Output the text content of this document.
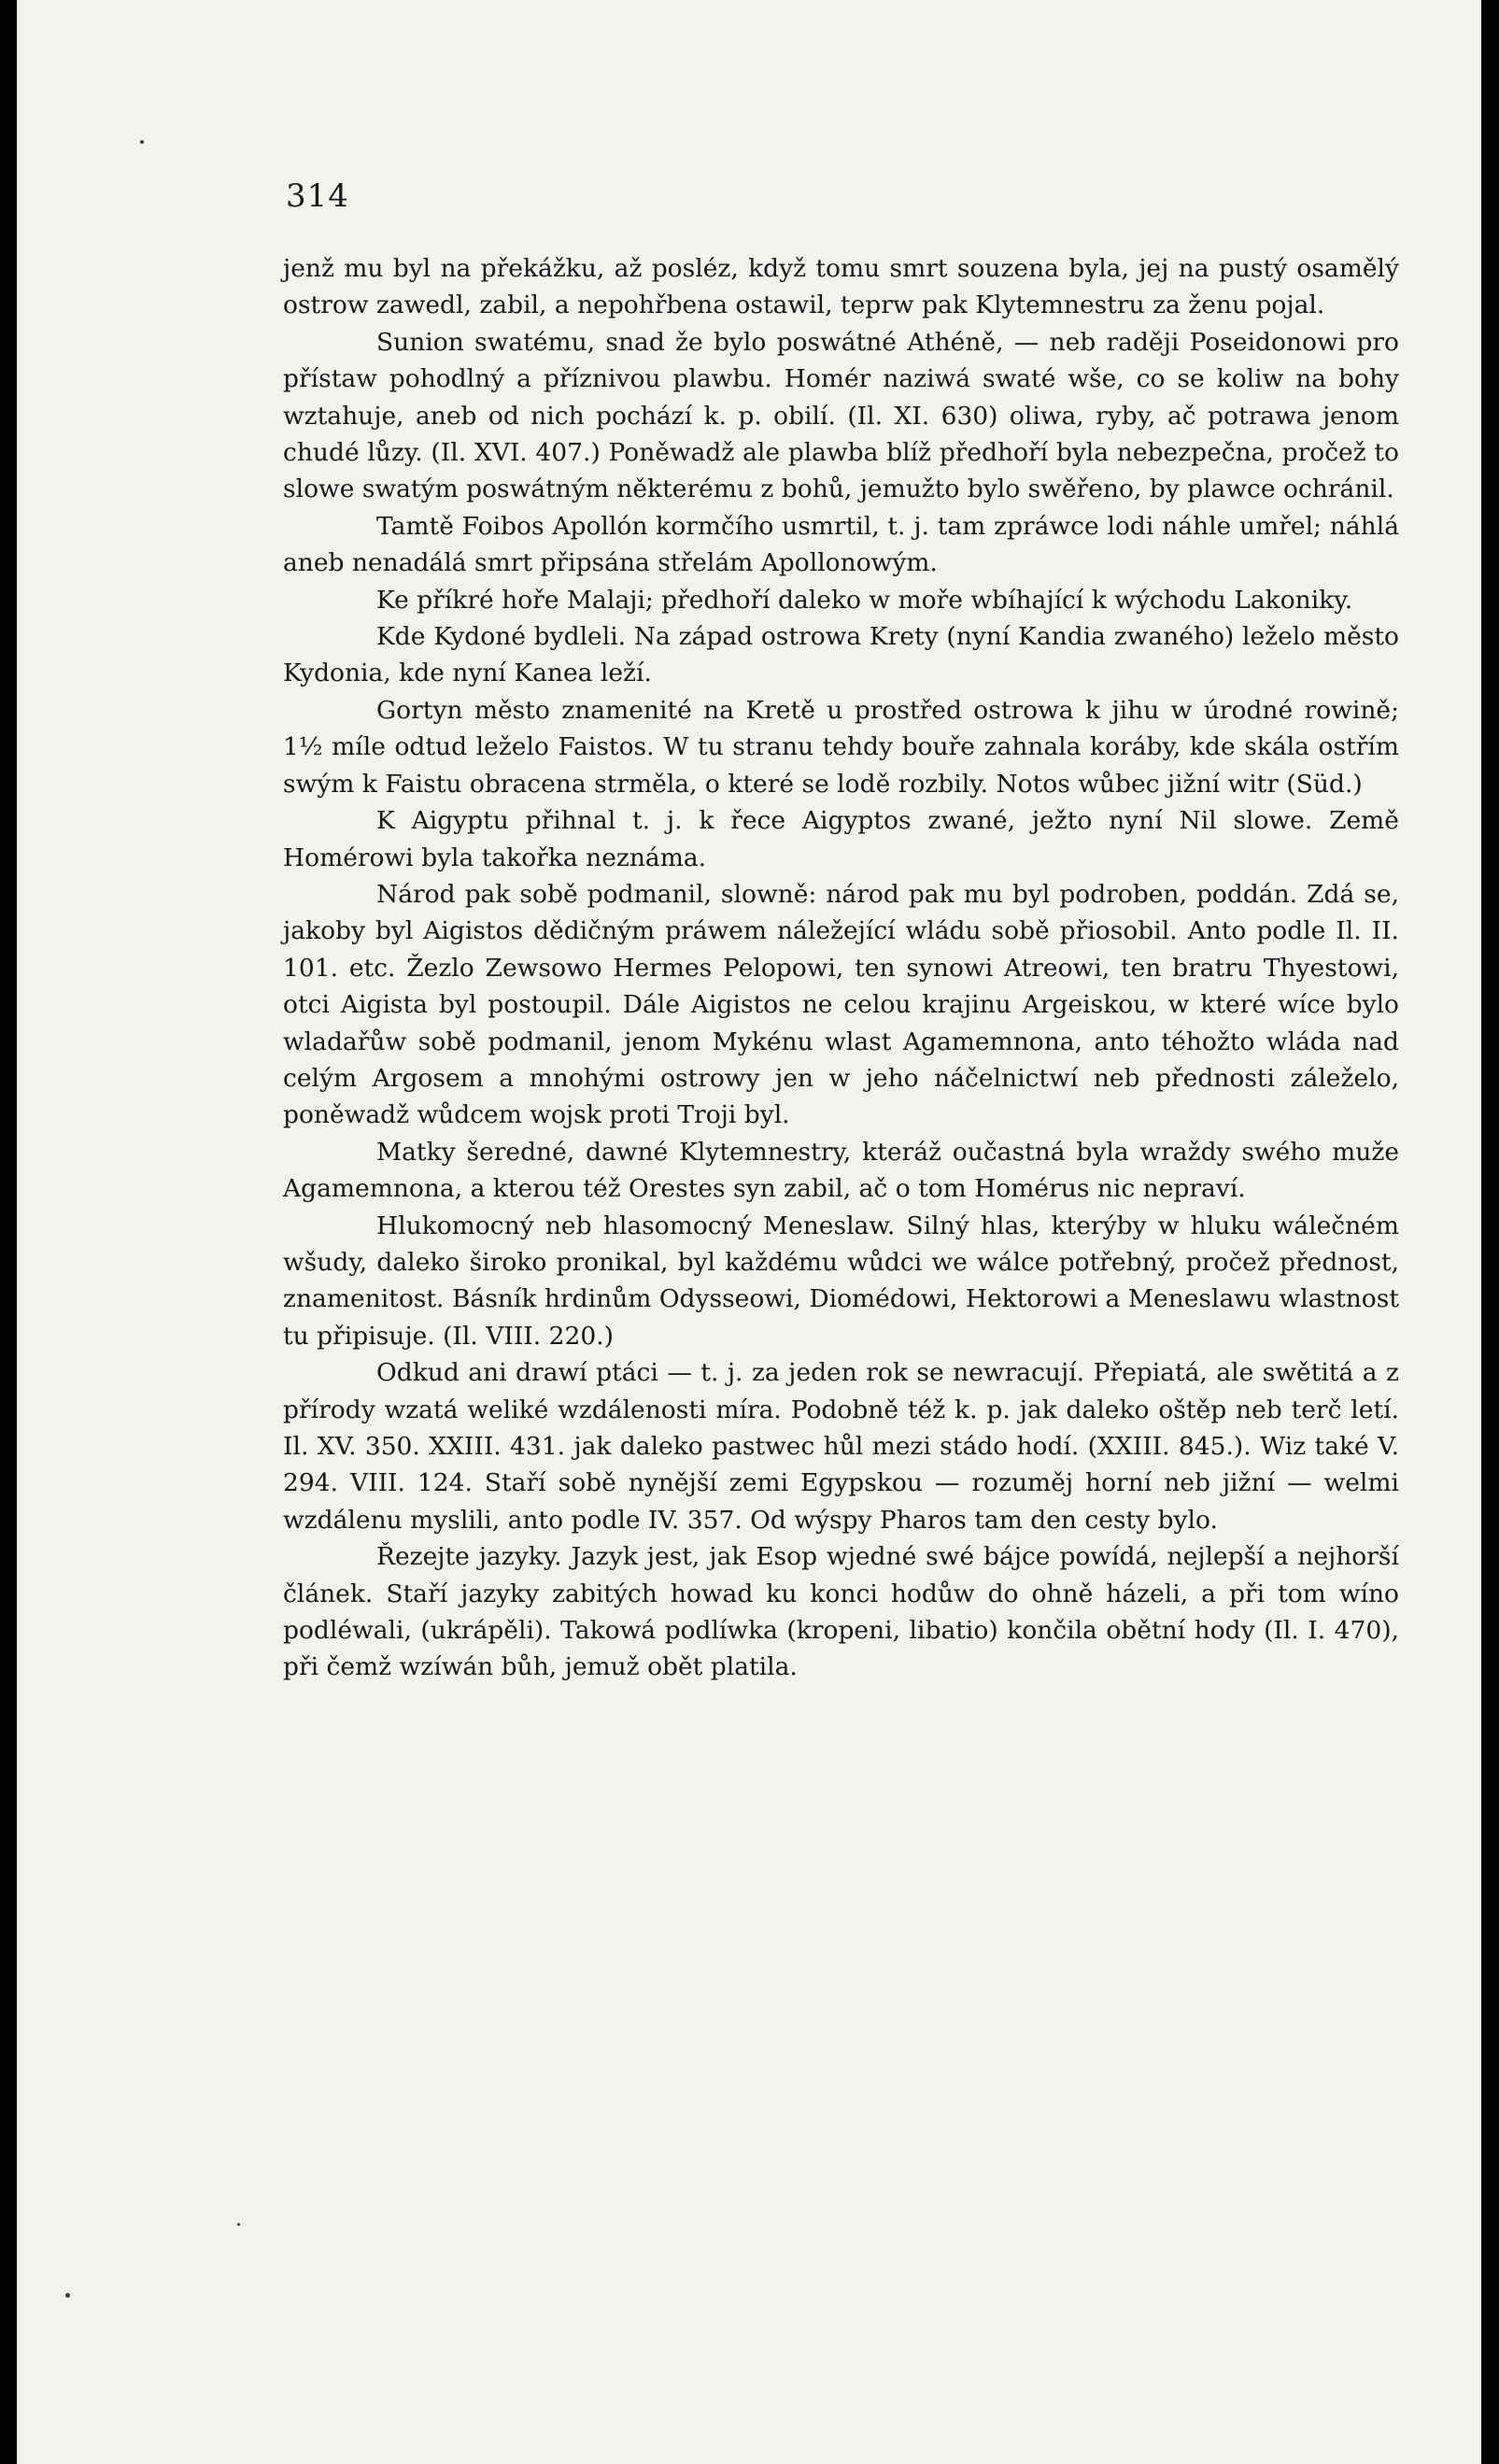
314

jenž mu byl na překážku, až posléz, když tomu smrt souzena byla, jej na pustý osamělý ostrow zawedl, zabil, a nepohřbena ostawil, teprw pak Klytemnestru za ženu pojal.

Sunion swatému, snad že bylo poswátné Athéně, — neb raději Poseidonowi pro přístaw pohodlný a příznivou plawbu. Homér naziwá swaté wše, co se koliw na bohy wztahuje, aneb od nich pochází k. p. obilí. (Il. XI. 630) oliwa, ryby, ač potrawa jenom chudé lůzy. (Il. XVI. 407.) Poněwadž ale plawba blíž předhoří byla nebezpečna, pročež to slowe swatým poswátným některému z bohů, jemužto bylo swěřeno, by plawce ochránil.

Tamtě Foibos Apollón kormčího usmrtil, t. j. tam zpráwce lodi náhle umřel; náhlá aneb nenadálá smrt připsána střelám Apollonowým.

Ke příkré hoře Malaji; předhoří daleko w moře wbíhající k wýchodu Lakoniky.

Kde Kydoné bydleli. Na západ ostrowa Krety (nyní Kandia zwaného) leželo město Kydonia, kde nyní Kanea leží.

Gortyn město znamenité na Kretě u prostřed ostrowa k jihu w úrodné rowině; 1½ míle odtud leželo Faistos. W tu stranu tehdy bouře zahnala koráby, kde skála ostřím swým k Faistu obracena strměla, o které se lodě rozbily. Notos wůbec jižní witr (Süd.)

K Aigyptu přihnal t. j. k řece Aigyptos zwané, ježto nyní Nil slowe. Země Homérowi byla takořka neznáma.

Národ pak sobě podmanil, slowně: národ pak mu byl podroben, poddán. Zdá se, jakoby byl Aigistos dědičným práwem náležející wládu sobě přiosobil. Anto podle Il. II. 101. etc. Žezlo Zewsowo Hermes Pelopowi, ten synowi Atreowi, ten bratru Thyestowi, otci Aigista byl postoupil. Dále Aigistos ne celou krajinu Argeiskou, w které wíce bylo wladařůw sobě podmanil, jenom Mykénu wlast Agamemnona, anto téhožto wláda nad celým Argosem a mnohými ostrowy jen w jeho náčelnictwí neb přednosti záleželo, poněwadž wůdcem wojsk proti Troji byl.

Matky šeredné, dawné Klytemnestry, kteráž oučastná byla wraždy swého muže Agamemnona, a kterou též Orestes syn zabil, ač o tom Homérus nic nepraví.

Hlukomocný neb hlasomocný Meneslaw. Silný hlas, kterýby w hluku wálečném wšudy, daleko široko pronikal, byl každému wůdci we wálce potřebný, pročež přednost, znamenitost. Básník hrdinům Odysseowi, Diomédowi, Hektorowi a Meneslawu wlastnost tu připisuje. (Il. VIII. 220.)

Odkud ani drawí ptáci — t. j. za jeden rok se newracují. Přepiatá, ale swětitá a z přírody wzatá weliké wzdálenosti míra. Podobně též k. p. jak daleko oštěp neb terč letí. Il. XV. 350. XXIII. 431. jak daleko pastwec hůl mezi stádo hodí. (XXIII. 845.). Wiz také V. 294. VIII. 124. Staří sobě nynější zemi Egypskou — rozuměj horní neb jižní — welmi wzdálenu myslili, anto podle IV. 357. Od wýspy Pharos tam den cesty bylo.

Řezejte jazyky. Jazyk jest, jak Esop wjedné swé bájce powídá, nejlepší a nejhorší článek. Staří jazyky zabitých howad ku konci hodůw do ohně házeli, a při tom wíno podléwali, (ukrápěli). Takowá podlíwka (kropeni, libatio) končila obětní hody (Il. I. 470), při čemž wzíwán bůh, jemuž obět platila.
